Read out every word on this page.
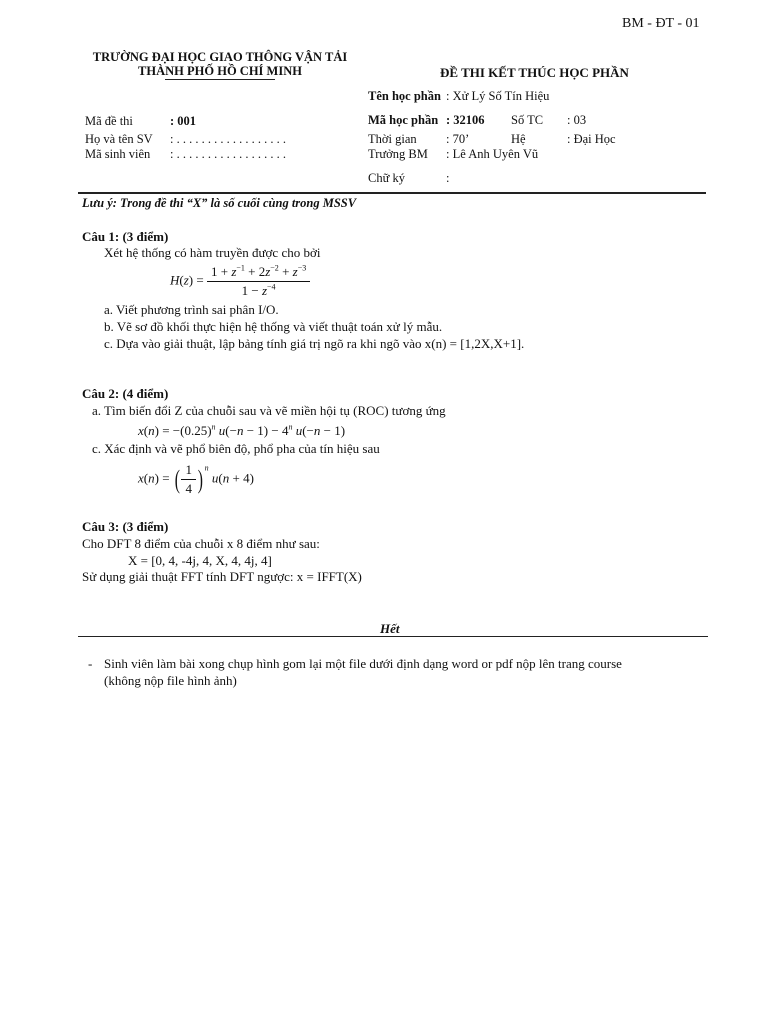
BM - ĐT - 01
TRƯỜNG ĐẠI HỌC GIAO THÔNG VẬN TẢI
THÀNH PHỐ HỒ CHÍ MINH	ĐỀ THI KẾT THÚC HỌC PHẦN
Tên học phần : Xử Lý Số Tín Hiệu
Mã đề thi	: 001
Họ và tên SV : . . . . . . . . . . . . . . . . . .
Mã sinh viên : . . . . . . . . . . . . . . . . . .
Mã học phần : 32106 Số TC : 03
Thời gian : 70’	Hệ	: Đại Học
Trưởng BM : Lê Anh Uyên Vũ
Chữ ký	:
Lưu ý: Trong đề thi “X” là số cuối cùng trong MSSV
Câu 1: (3 điểm)
Xét hệ thống có hàm truyền được cho bởi
$H(z) = \frac{1 + z^{-1} + 2z^{-2} + z^{-3}}{1 - z^{-4}}$
a. Viết phương trình sai phân I/O.
b. Vẽ sơ đồ khối thực hiện hệ thống và viết thuật toán xử lý mẫu.
c. Dựa vào giải thuật, lập bảng tính giá trị ngõ ra khi ngõ vào x(n) = [1,2X,X+1].
Câu 2: (4 điểm)
a. Tìm biến đổi Z của chuỗi sau và vẽ miền hội tụ (ROC) tương ứng
$x(n) = -(0.25)^n$ $u(-n - 1) - 4^n$ u(−n − 1)
c. Xác định và vẽ phổ biên độ, phổ pha của tín hiệu sau
x(n) = ( $\frac{1}{4}$ ) $^n$ u(n + 4)
Câu 3: (3 điểm)
Cho DFT 8 điểm của chuỗi x 8 điểm như sau:
X = [0, 4, -4j, 4, X, 4, 4j, 4]
Sử dụng giải thuật FFT tính DFT ngược: x = IFFT(X)
Hết
- Sinh viên làm bài xong chụp hình gom lại một file dưới định dạng word or pdf nộp lên trang course
(không nộp file hình ảnh)
